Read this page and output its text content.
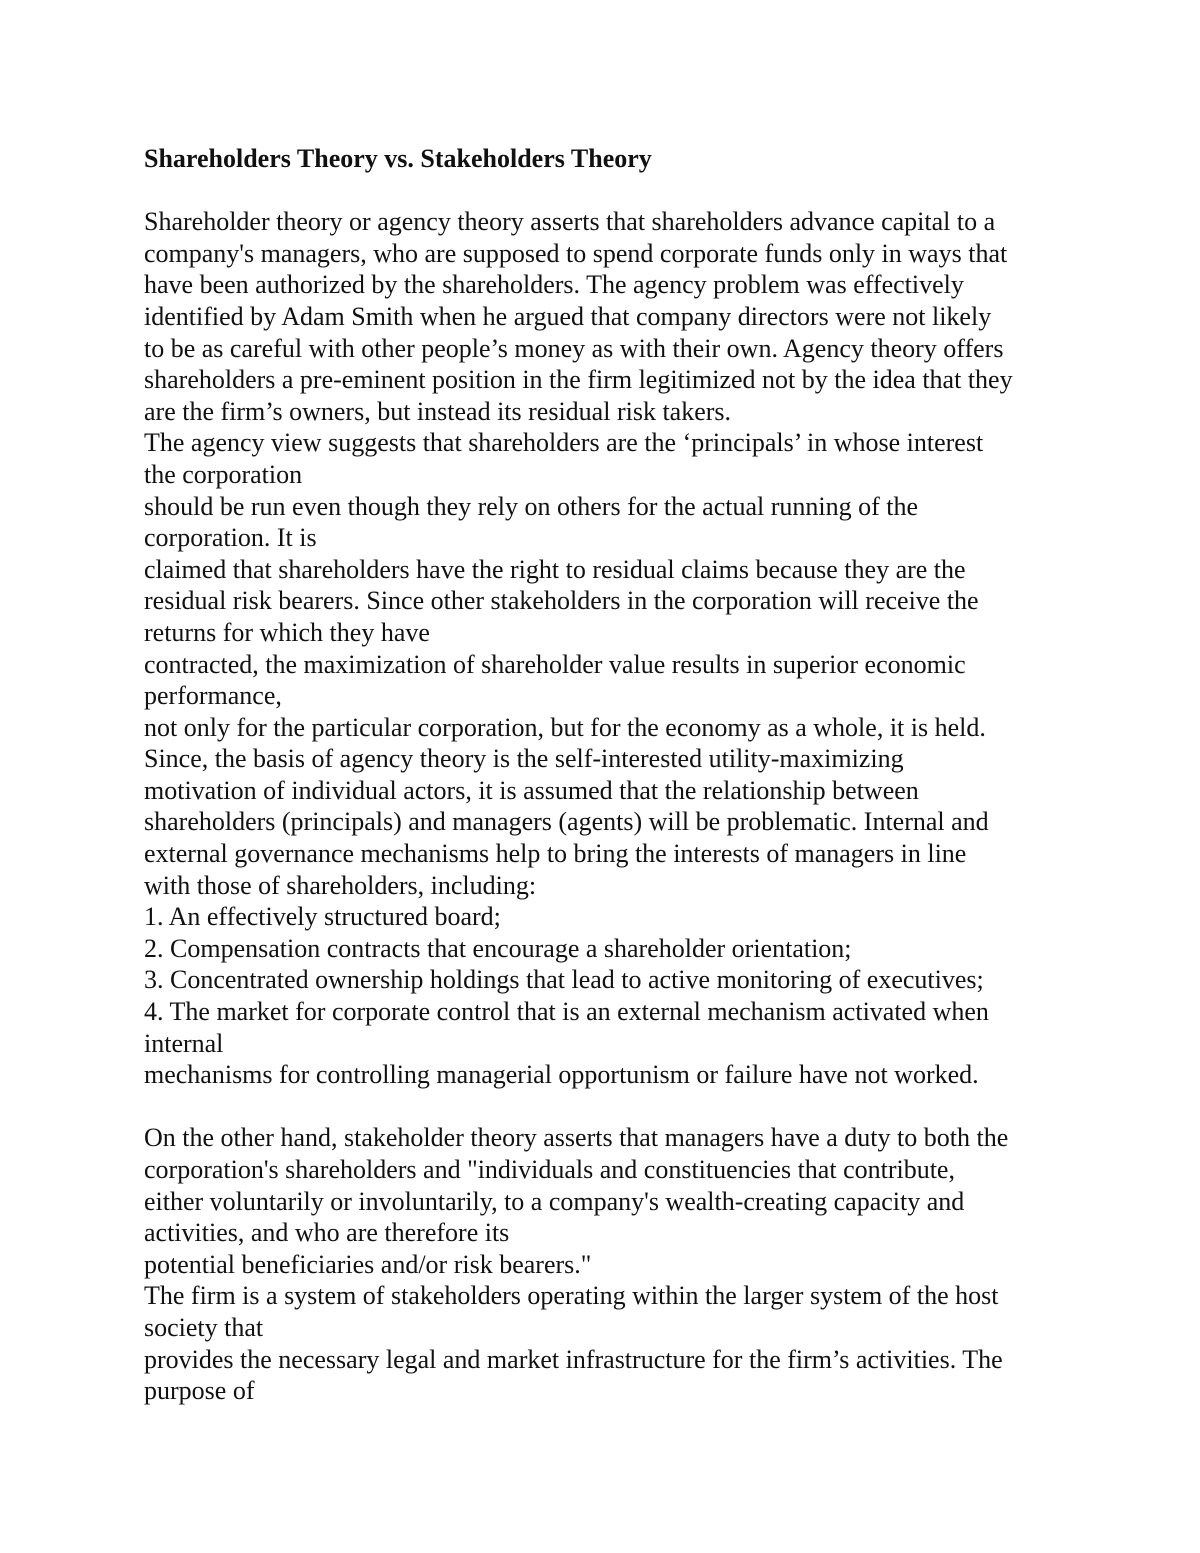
Shareholders Theory vs. Stakeholders Theory

Shareholder theory or agency theory asserts that shareholders advance capital to a

company's managers, who are supposed to spend corporate funds only in ways that

have been authorized by the shareholders. The agency problem was effectively

identified by Adam Smith when he argued that company directors were not likely

to be as careful with other people’s money as with their own. Agency theory offers

shareholders a pre-eminent position in the firm legitimized not by the idea that they

are the firm’s owners, but instead its residual risk takers.

The agency view suggests that shareholders are the ‘principals’ in whose interest

the corporation

should be run even though they rely on others for the actual running of the

corporation. It is

claimed that shareholders have the right to residual claims because they are the

residual risk bearers. Since other stakeholders in the corporation will receive the

returns for which they have

contracted, the maximization of shareholder value results in superior economic

performance,

not only for the particular corporation, but for the economy as a whole, it is held.

Since, the basis of agency theory is the self-interested utility-maximizing

motivation of individual actors, it is assumed that the relationship between

shareholders (principals) and managers (agents) will be problematic. Internal and

external governance mechanisms help to bring the interests of managers in line

with those of shareholders, including:

1. An effectively structured board;

2. Compensation contracts that encourage a shareholder orientation;

3. Concentrated ownership holdings that lead to active monitoring of executives;

4. The market for corporate control that is an external mechanism activated when

internal

mechanisms for controlling managerial opportunism or failure have not worked.

On the other hand, stakeholder theory asserts that managers have a duty to both the

corporation's shareholders and "individuals and constituencies that contribute,

either voluntarily or involuntarily, to a company's wealth-creating capacity and

activities, and who are therefore its

potential beneficiaries and/or risk bearers."

The firm is a system of stakeholders operating within the larger system of the host

society that

provides the necessary legal and market infrastructure for the firm’s activities. The

purpose of
